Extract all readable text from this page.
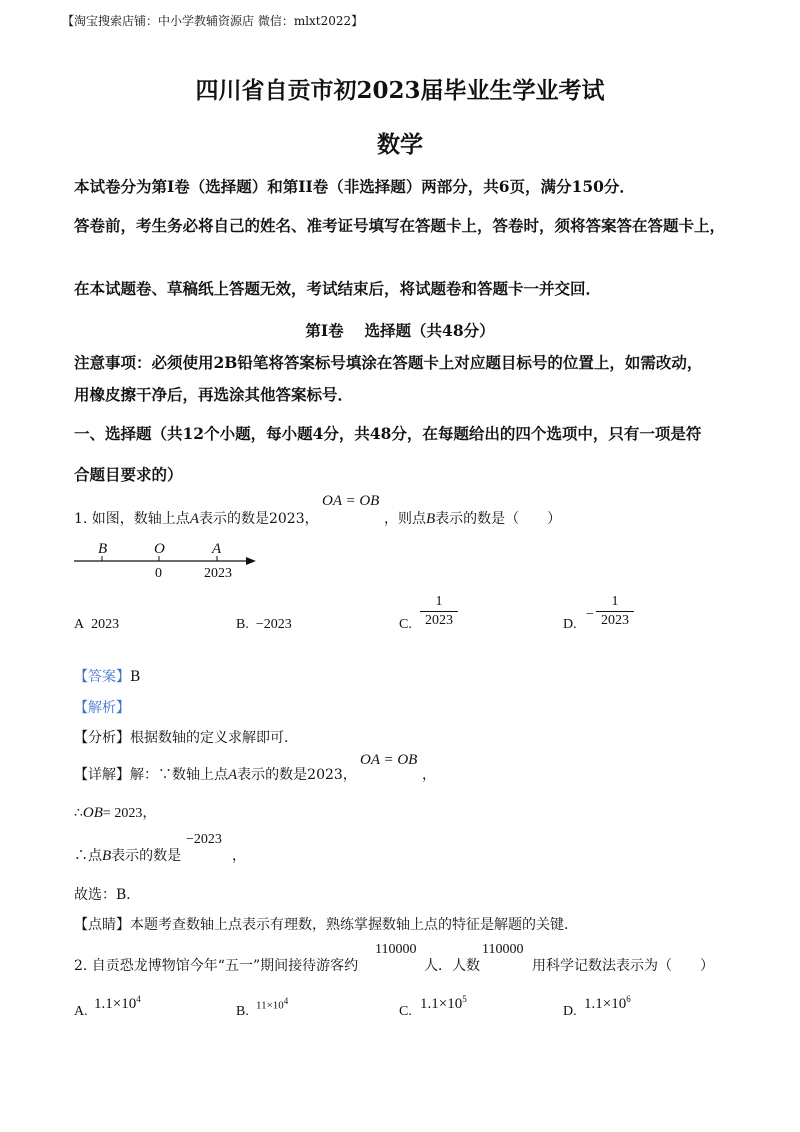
【淘宝搜索店铺：中小学教辅资源店 微信：mlxt2022】
四川省自贡市初2023届毕业生学业考试
数学
本试卷分为第I卷（选择题）和第II卷（非选择题）两部分，共6页，满分150分．
答卷前，考生务必将自己的姓名、准考证号填写在答题卡上，答卷时，须将答案答在答题卡上，
在本试题卷、草稿纸上答题无效，考试结束后，将试题卷和答题卡一并交回．
第I卷　 选择题（共48分）
注意事项：必须使用2B铅笔将答案标号填涂在答题卡上对应题目标号的位置上，如需改动，
用橡皮擦干净后，再选涂其他答案标号．
一、选择题（共12个小题，每小题4分，共48分，在每题给出的四个选项中，只有一项是符
合题目要求的）
1. 如图，数轴上点A表示的数是2023，
OA = OB
，则点B表示的数是（　　）
B	O	A
0	2023
A 2023	B. −2023	C.
1
2023	D.
−
1
2023
【答案】B
【解析】
【分析】根据数轴的定义求解即可．
【详解】解：∵数轴上点A表示的数是2023，
OA = OB
，
∴OB= 2023，
∴点B表示的数是
−2023
，
故选：B．
【点睛】本题考查数轴上点表示有理数，熟练掌握数轴上点的特征是解题的关键．
2. 自贡恐龙博物馆今年“五一”期间接待游客约
110000
人．人数
110000
用科学记数法表示为（　　）
A. $1.1\times 10^4$
B. $11\times 10^4$
C. $1.1\times 10^5$
D. $1.1\times 10^6$
